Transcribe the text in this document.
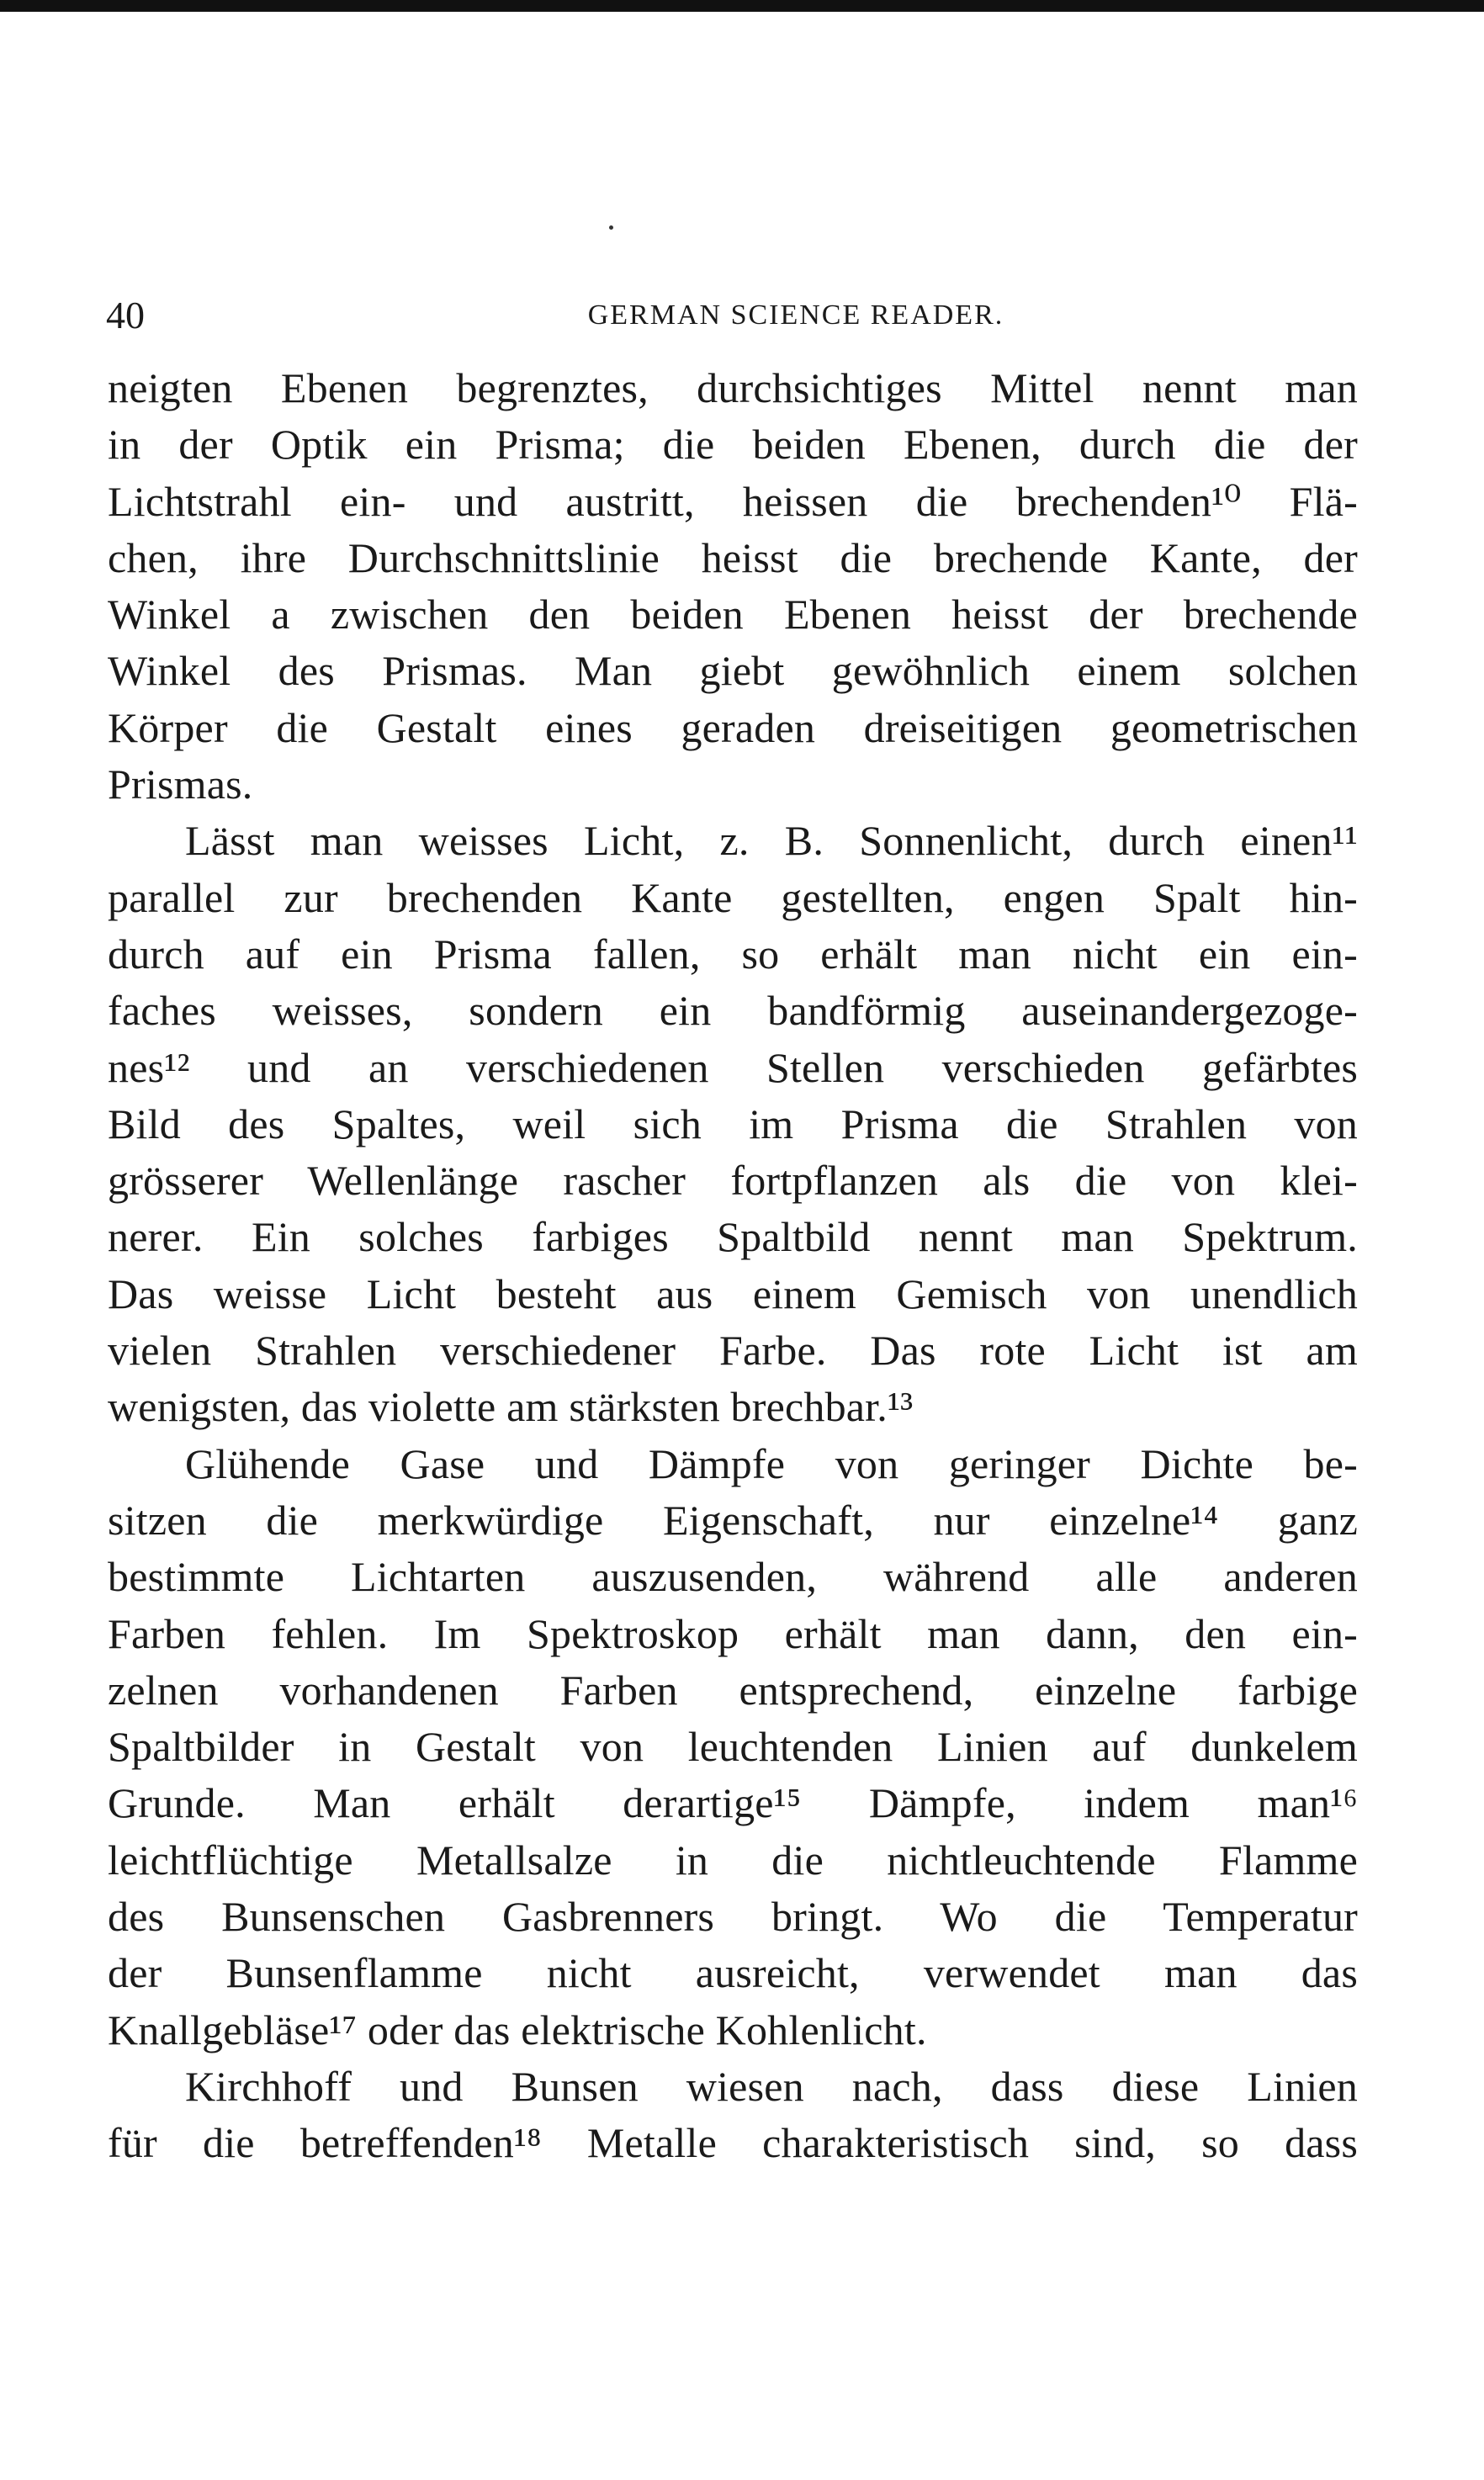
40	GERMAN SCIENCE READER.
neigten Ebenen begrenztes, durchsichtiges Mittel nennt man
in der Optik ein Prisma; die beiden Ebenen, durch die der
Lichtstrahl ein- und austritt, heissen die brechenden¹⁰ Flä-
chen, ihre Durchschnittslinie heisst die brechende Kante, der
Winkel a zwischen den beiden Ebenen heisst der brechende
Winkel des Prismas. Man giebt gewöhnlich einem solchen
Körper die Gestalt eines geraden dreiseitigen geometrischen
Prismas.
Lässt man weisses Licht, z. B. Sonnenlicht, durch einen¹¹
parallel zur brechenden Kante gestellten, engen Spalt hin-
durch auf ein Prisma fallen, so erhält man nicht ein ein-
faches weisses, sondern ein bandförmig auseinandergezoge-
nes¹² und an verschiedenen Stellen verschieden gefärbtes
Bild des Spaltes, weil sich im Prisma die Strahlen von
grösserer Wellenlänge rascher fortpflanzen als die von klei-
nerer. Ein solches farbiges Spaltbild nennt man Spektrum.
Das weisse Licht besteht aus einem Gemisch von unendlich
vielen Strahlen verschiedener Farbe. Das rote Licht ist am
wenigsten, das violette am stärksten brechbar.¹³
Glühende Gase und Dämpfe von geringer Dichte be-
sitzen die merkwürdige Eigenschaft, nur einzelne¹⁴ ganz
bestimmte Lichtarten auszusenden, während alle anderen
Farben fehlen. Im Spektroskop erhält man dann, den ein-
zelnen vorhandenen Farben entsprechend, einzelne farbige
Spaltbilder in Gestalt von leuchtenden Linien auf dunkelem
Grunde. Man erhält derartige¹⁵ Dämpfe, indem man¹⁶
leichtflüchtige Metallsalze in die nichtleuchtende Flamme
des Bunsenschen Gasbrenners bringt. Wo die Temperatur
der Bunsenflamme nicht ausreicht, verwendet man das
Knallgebläse¹⁷ oder das elektrische Kohlenlicht.
Kirchhoff und Bunsen wiesen nach, dass diese Linien
für die betreffenden¹⁸ Metalle charakteristisch sind, so dass
